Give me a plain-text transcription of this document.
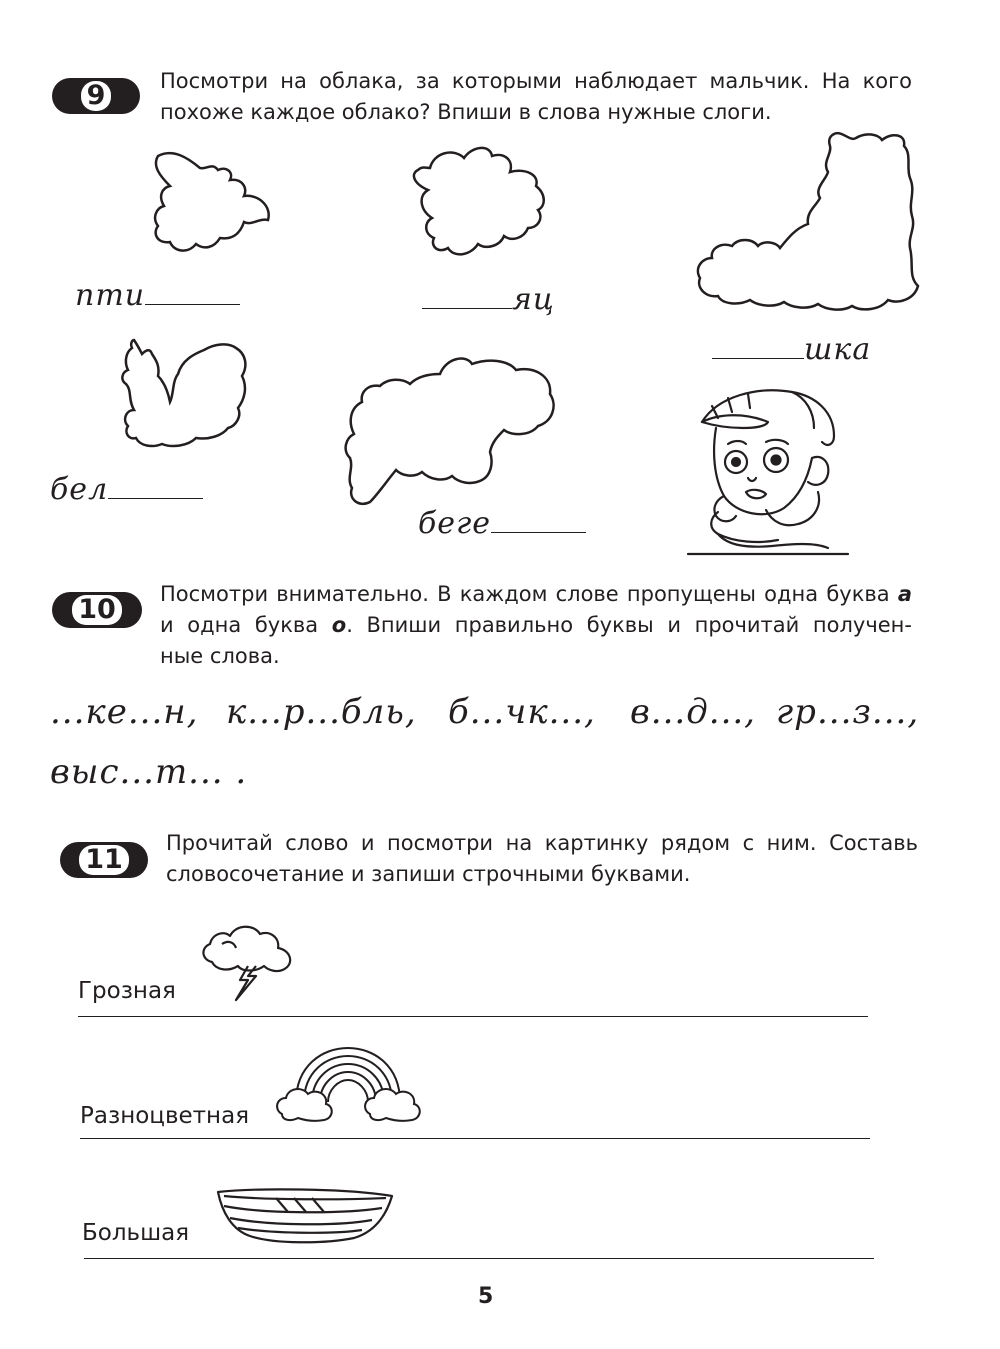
9	Посмотри на облака, за которыми наблюдает мальчик. На кого
похоже каждое облако? Впиши в слова нужные слоги.
пти	яц
шка
бел
беге
10 Посмотри внимательно. В каждом слове пропущены одна буква а
и одна буква о. Впиши правильно буквы и прочитай получен-
ные слова.
...ке...н, к...р...бль, б...чк..., в...д..., гр...з...,
выс...т... .
11
Прочитай слово и посмотри на картинку рядом с ним. Составь
словосочетание и запиши строчными буквами.
Грозная
Разноцветная
Большая
5
